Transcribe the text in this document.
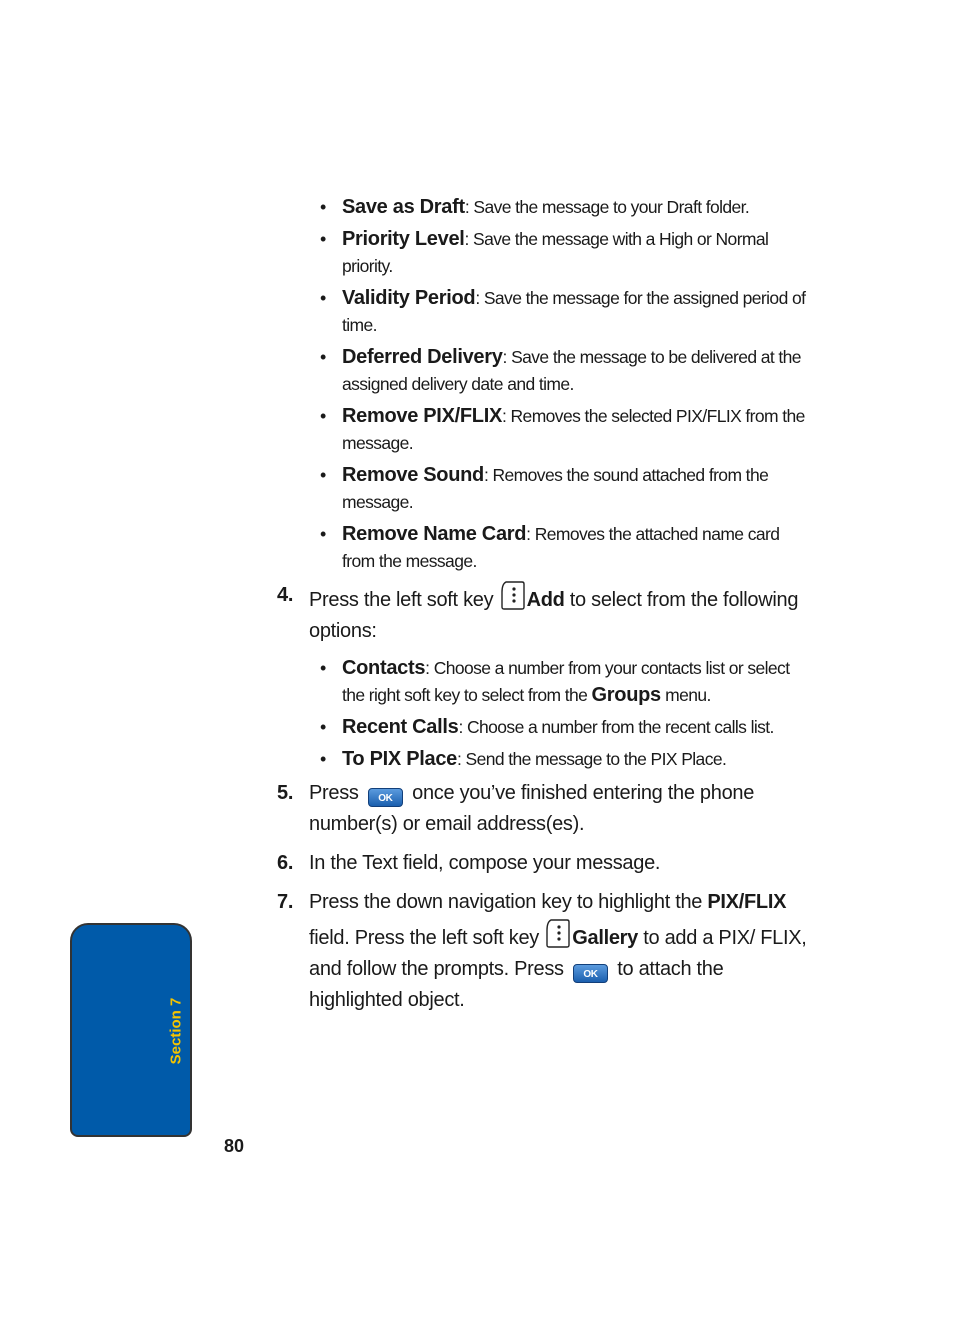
• Save as Draft: Save the message to your Draft folder.
• Priority Level: Save the message with a High or Normal priority.
• Validity Period: Save the message for the assigned period of time.
• Deferred Delivery: Save the message to be delivered at the assigned delivery date and time.
• Remove PIX/FLIX: Removes the selected PIX/FLIX from the message.
• Remove Sound: Removes the sound attached from the message.
• Remove Name Card: Removes the attached name card from the message.
4. Press the left soft key Add to select from the following options:
• Contacts: Choose a number from your contacts list or select the right soft key to select from the Groups menu.
• Recent Calls: Choose a number from the recent calls list.
• To PIX Place: Send the message to the PIX Place.
5. Press OK once you’ve finished entering the phone number(s) or email address(es).
6. In the Text field, compose your message.
7. Press the down navigation key to highlight the PIX/FLIX field. Press the left soft key Gallery to add a PIX/ FLIX, and follow the prompts. Press OK to attach the highlighted object.
Section 7
80
